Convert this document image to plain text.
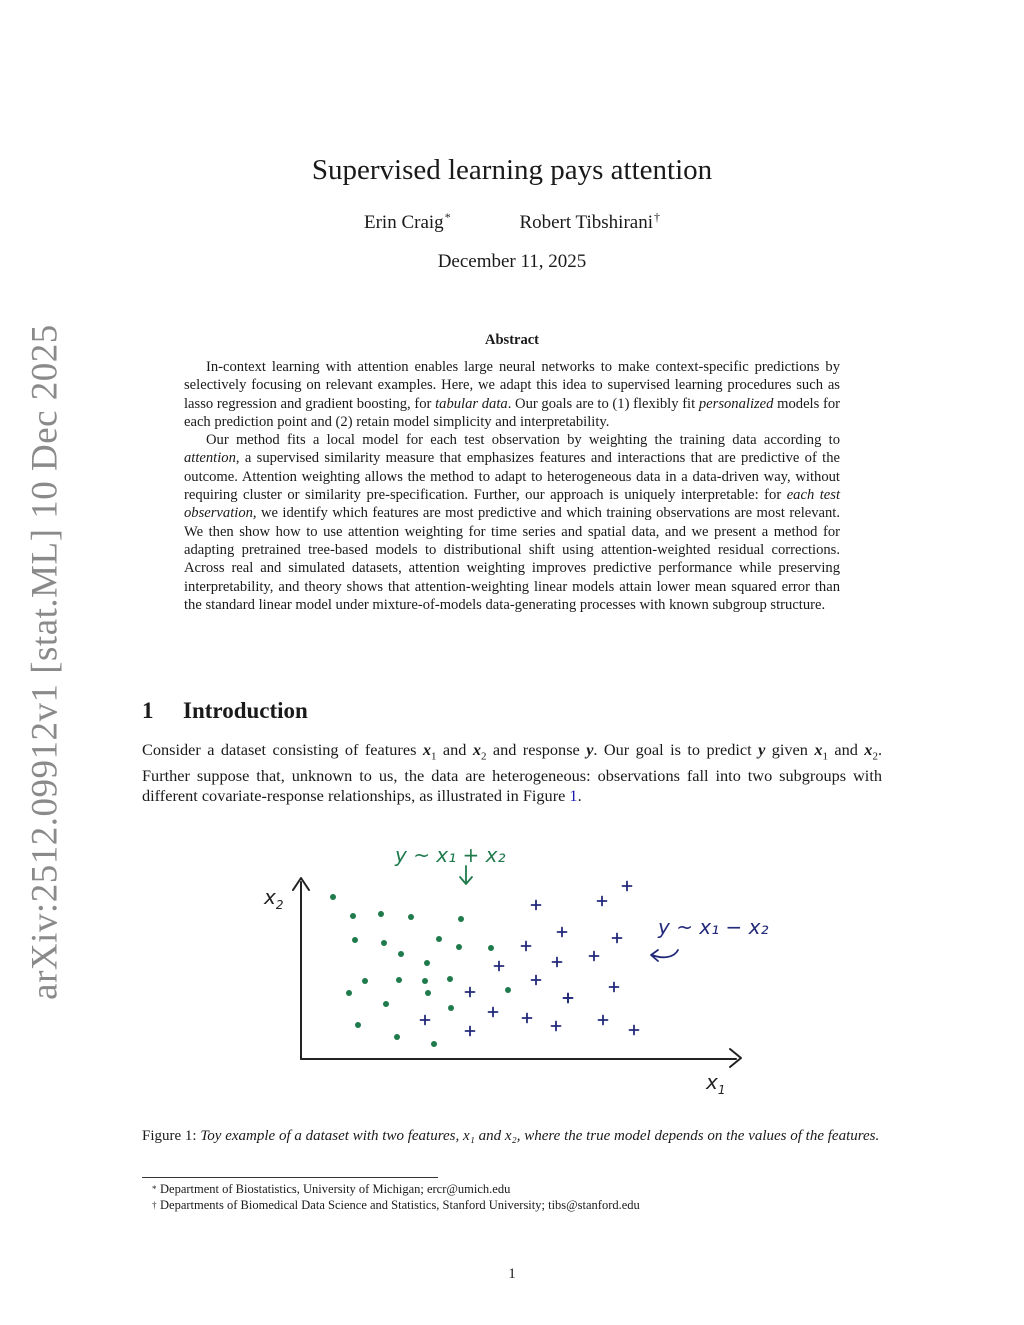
arXiv:2512.09912v1 [stat.ML] 10 Dec 2025
Supervised learning pays attention
Erin Craig*	Robert Tibshirani†
December 11, 2025
Abstract

In-context learning with attention enables large neural networks to make context-specific predictions by selectively focusing on relevant examples. Here, we adapt this idea to supervised learning procedures such as lasso regression and gradient boosting, for tabular data. Our goals are to (1) flexibly fit personalized models for each prediction point and (2) retain model simplicity and interpretability.

Our method fits a local model for each test observation by weighting the training data according to attention, a supervised similarity measure that emphasizes features and interactions that are predictive of the outcome. Attention weighting allows the method to adapt to heterogeneous data in a data-driven way, without requiring cluster or similarity pre-specification. Further, our approach is uniquely interpretable: for each test observation, we identify which features are most predictive and which training observations are most relevant. We then show how to use attention weighting for time series and spatial data, and we present a method for adapting pretrained tree-based models to distributional shift using attention-weighted residual corrections. Across real and simulated datasets, attention weighting improves predictive performance while preserving interpretability, and theory shows that attention-weighting linear models attain lower mean squared error than the standard linear model under mixture-of-models data-generating processes with known subgroup structure.

1 Introduction

Consider a dataset consisting of features $x_1$ and $x_2$ and response y. Our goal is to predict y given $x_1$ and $x_2$. Further suppose that, unknown to us, the data are heterogeneous: observations fall into two subgroups with different covariate-response relationships, as illustrated in Figure 1.

$x_2$
$x_1$
y ~ x₁ + x₂
y ~ x₁ − x₂

Figure 1: Toy example of a dataset with two features, x₁ and x₂, where the true model depends on the values of the features.

* Department of Biostatistics, University of Michigan; ercr@umich.edu
† Departments of Biomedical Data Science and Statistics, Stanford University; tibs@stanford.edu
1
